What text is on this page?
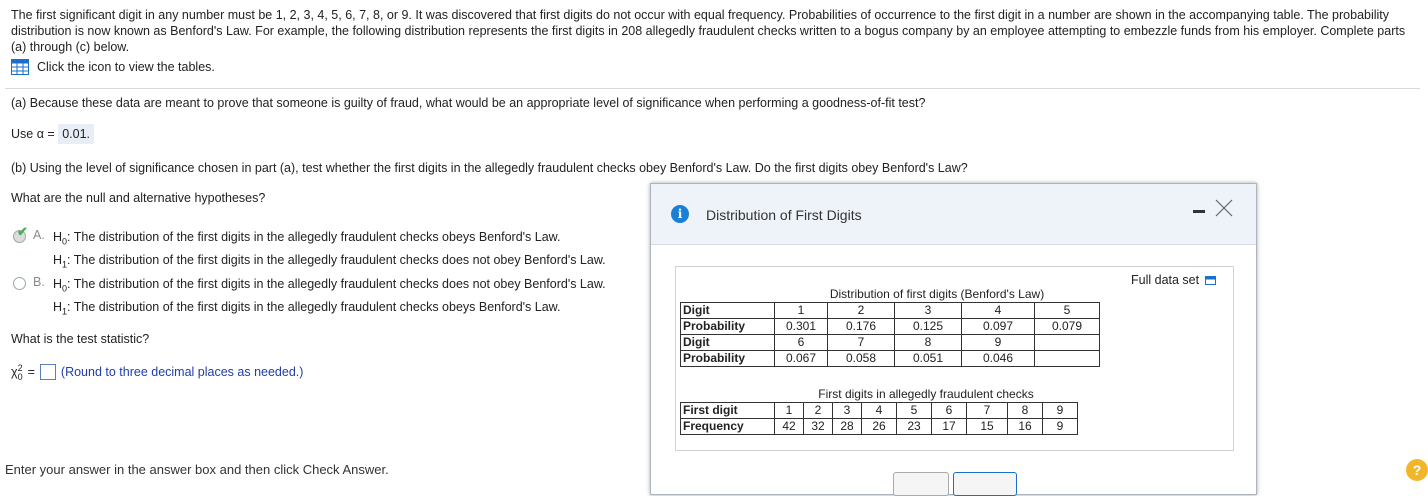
The first significant digit in any number must be 1, 2, 3, 4, 5, 6, 7, 8, or 9. It was discovered that first digits do not occur with equal frequency. Probabilities of occurrence to the first digit in a number are shown in the accompanying table. The probability distribution is now known as Benford's Law. For example, the following distribution represents the first digits in 208 allegedly fraudulent checks written to a bogus company by an employee attempting to embezzle funds from his employer. Complete parts (a) through (c) below.
Click the icon to view the tables.
(a) Because these data are meant to prove that someone is guilty of fraud, what would be an appropriate level of significance when performing a goodness-of-fit test?
Use α = 0.01.
(b) Using the level of significance chosen in part (a), test whether the first digits in the allegedly fraudulent checks obey Benford's Law. Do the first digits obey Benford's Law?
What are the null and alternative hypotheses?
✔ A. $H_0$: The distribution of the first digits in the allegedly fraudulent checks obeys Benford's Law.
$H_1$: The distribution of the first digits in the allegedly fraudulent checks does not obey Benford's Law.
B. $H_0$: The distribution of the first digits in the allegedly fraudulent checks does not obey Benford's Law.
$H_1$: The distribution of the first digits in the allegedly fraudulent checks obeys Benford's Law.
What is the test statistic?
$\chi^2_0$ = (Round to three decimal places as needed.)
Enter your answer in the answer box and then click Check Answer.	?
i	Distribution of First Digits
Full data set
	Distribution of first digits (Benford's Law)				
Digit	1	2	3	4	5
Probability	0.301	0.176	0.125	0.097	0.079
Digit	6	7	8	9	
Probability	0.067	0.058	0.051	0.046	
	First digits in allegedly fraudulent checks								
First digit	1	2	3	4	5	6	7	8	9
Frequency	42	32	28	26	23	17	15	16	9
